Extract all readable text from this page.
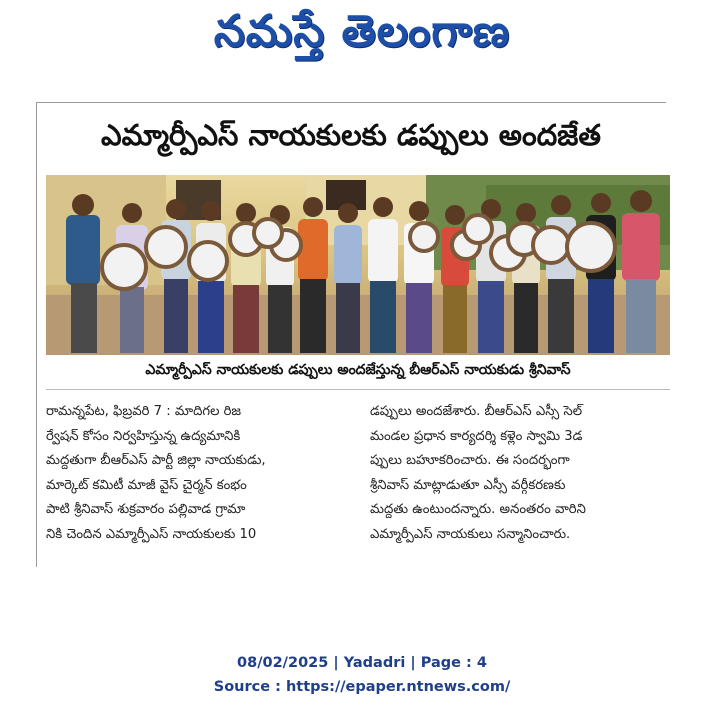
నమస్తే తెలంగాణ
ఎమ్మార్పీఎస్ నాయకులకు డప్పులు అందజేత
ఎమ్మార్పీఎస్ నాయకులకు డప్పులు అందజేస్తున్న బీఆర్ఎస్ నాయకుడు శ్రీనివాస్
రామన్నపేట, ఫిబ్రవరి 7 : మాదిగల రిజ
ర్వేషన్ కోసం నిర్వహిస్తున్న ఉద్యమానికి
మద్దతుగా బీఆర్ఎస్ పార్టీ జిల్లా నాయకుడు,
మార్కెట్ కమిటీ మాజీ వైస్ చైర్మన్ కంభం
పాటి శ్రీనివాస్ శుక్రవారం పల్లివాడ గ్రామా
నికి చెందిన ఎమ్మార్పీఎస్ నాయకులకు 10
డప్పులు అందజేశారు. బీఆర్ఎస్ ఎస్సీ సెల్
మండల ప్రధాన కార్యదర్శి కళ్లెం స్వామి 3డ
ప్పులు బహూకరించారు. ఈ సందర్భంగా
శ్రీనివాస్ మాట్లాడుతూ ఎస్సీ వర్గీకరణకు
మద్దతు ఉంటుందన్నారు. అనంతరం వారిని
ఎమ్మార్పీఎస్ నాయకులు సన్మానించారు.
08/02/2025 | Yadadri | Page : 4
Source : https://epaper.ntnews.com/
